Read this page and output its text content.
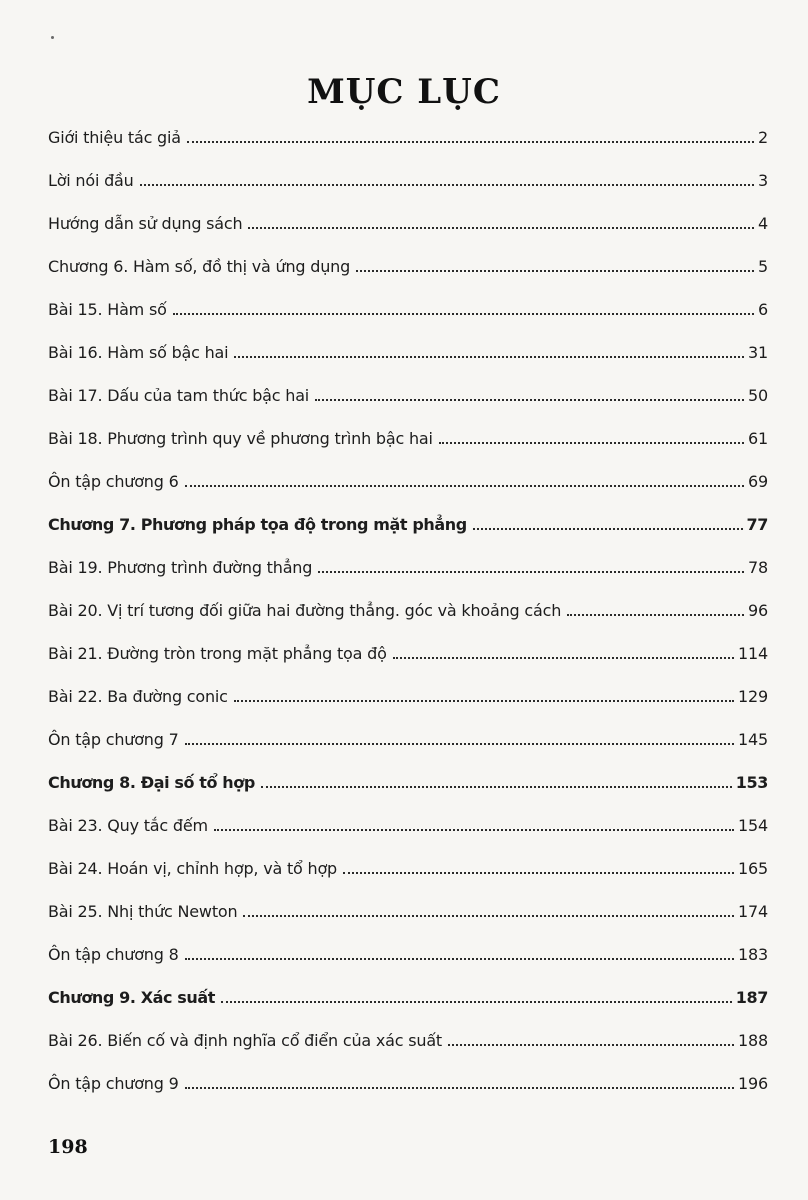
MỤC LỤC
Giới thiệu tác giả	2
Lời nói đầu	3
Hướng dẫn sử dụng sách	4
Chương 6. Hàm số, đồ thị và ứng dụng	5
Bài 15. Hàm số	6
Bài 16. Hàm số bậc hai	31
Bài 17. Dấu của tam thức bậc hai	50
Bài 18. Phương trình quy về phương trình bậc hai	61
Ôn tập chương 6	69
Chương 7. Phương pháp tọa độ trong mặt phẳng	77
Bài 19. Phương trình đường thẳng	78
Bài 20. Vị trí tương đối giữa hai đường thẳng. góc và khoảng cách	96
Bài 21. Đường tròn trong mặt phẳng tọa độ	114
Bài 22. Ba đường conic	129
Ôn tập chương 7	145
Chương 8. Đại số tổ hợp	153
Bài 23. Quy tắc đếm	154
Bài 24. Hoán vị, chỉnh hợp, và tổ hợp	165
Bài 25. Nhị thức Newton	174
Ôn tập chương 8	183
Chương 9. Xác suất	187
Bài 26. Biến cố và định nghĩa cổ điển của xác suất	188
Ôn tập chương 9	196
198
